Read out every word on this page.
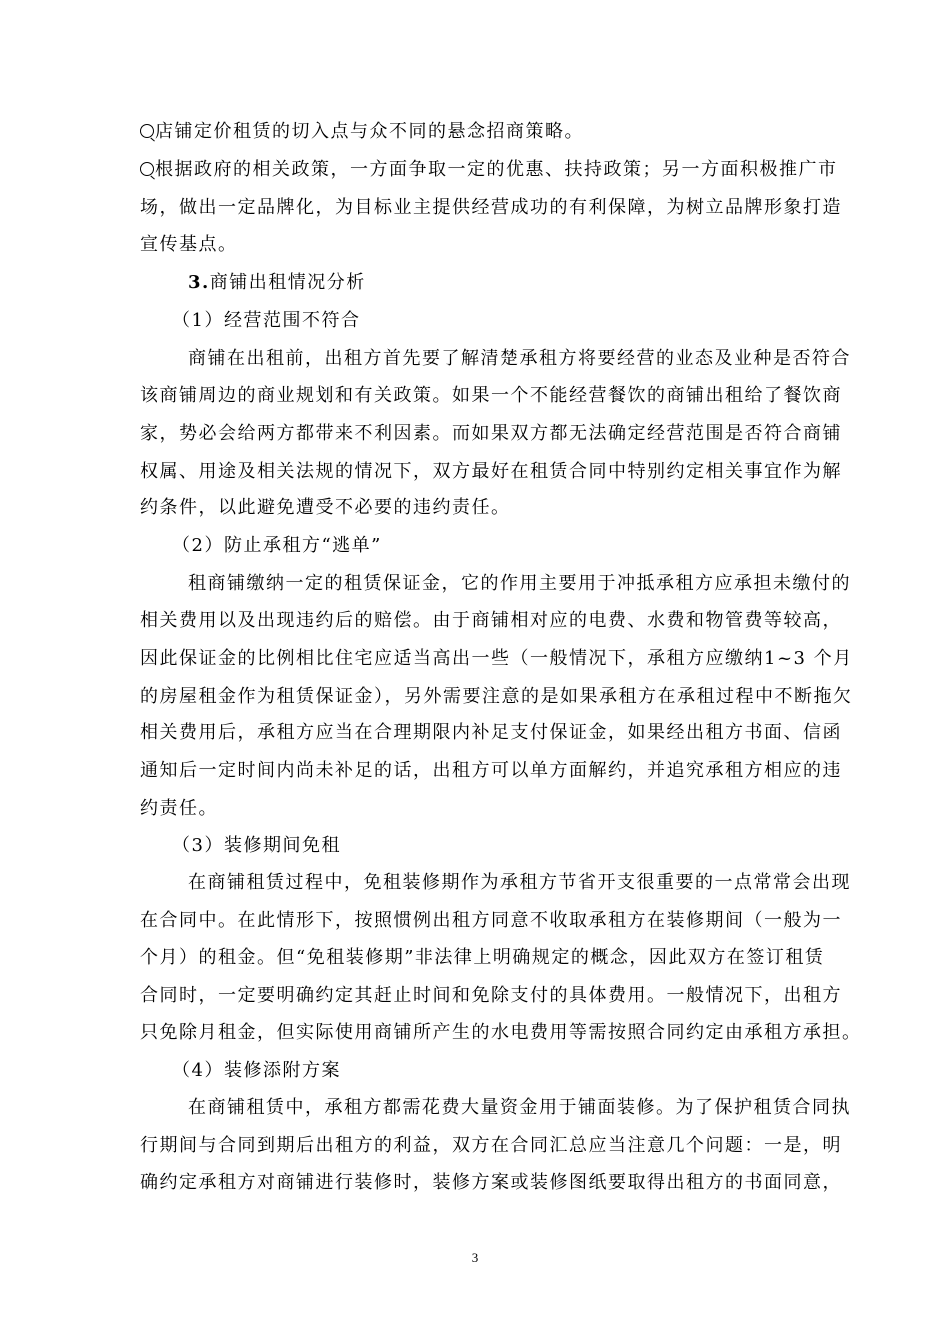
店铺定价租赁的切入点与众不同的悬念招商策略。
根据政府的相关政策，一方面争取一定的优惠、扶持政策；另一方面积极推广市
场，做出一定品牌化，为目标业主提供经营成功的有利保障，为树立品牌形象打造
宣传基点。
3.商铺出租情况分析
（1）经营范围不符合
商铺在出租前，出租方首先要了解清楚承租方将要经营的业态及业种是否符合
该商铺周边的商业规划和有关政策。如果一个不能经营餐饮的商铺出租给了餐饮商
家，势必会给两方都带来不利因素。而如果双方都无法确定经营范围是否符合商铺
权属、用途及相关法规的情况下，双方最好在租赁合同中特别约定相关事宜作为解
约条件，以此避免遭受不必要的违约责任。
（2）防止承租方“逃单”
租商铺缴纳一定的租赁保证金，它的作用主要用于冲抵承租方应承担未缴付的
相关费用以及出现违约后的赔偿。由于商铺相对应的电费、水费和物管费等较高，
因此保证金的比例相比住宅应适当高出一些（一般情况下，承租方应缴纳1~3 个月
的房屋租金作为租赁保证金），另外需要注意的是如果承租方在承租过程中不断拖欠
相关费用后，承租方应当在合理期限内补足支付保证金，如果经出租方书面、信函
通知后一定时间内尚未补足的话，出租方可以单方面解约，并追究承租方相应的违
约责任。
（3）装修期间免租
在商铺租赁过程中，免租装修期作为承租方节省开支很重要的一点常常会出现
在合同中。在此情形下，按照惯例出租方同意不收取承租方在装修期间（一般为一
个月）的租金。但“免租装修期”非法律上明确规定的概念，因此双方在签订租赁
合同时，一定要明确约定其赶止时间和免除支付的具体费用。一般情况下，出租方
只免除月租金，但实际使用商铺所产生的水电费用等需按照合同约定由承租方承担。
（4）装修添附方案
在商铺租赁中，承租方都需花费大量资金用于铺面装修。为了保护租赁合同执
行期间与合同到期后出租方的利益，双方在合同汇总应当注意几个问题：一是，明
确约定承租方对商铺进行装修时，装修方案或装修图纸要取得出租方的书面同意，
3
